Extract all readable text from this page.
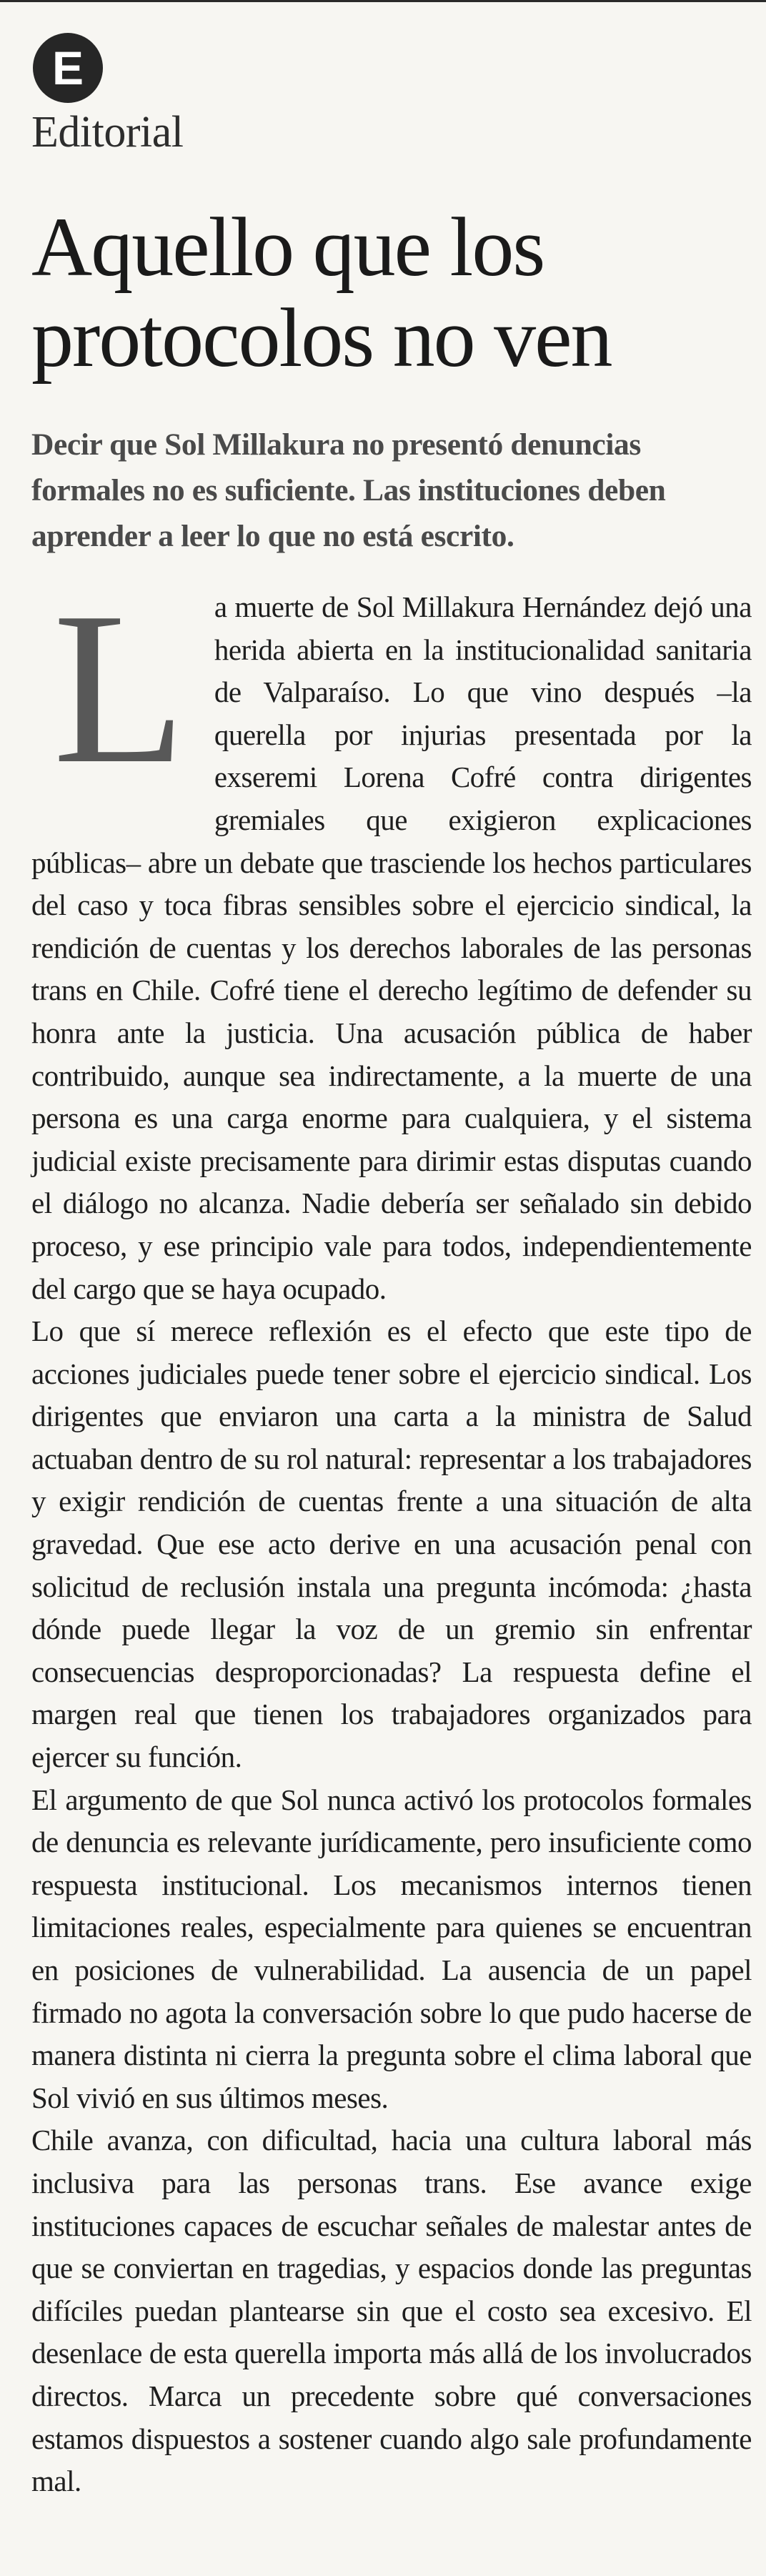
E
Editorial
Aquello que los protocolos no ven

Decir que Sol Millakura no presentó denuncias formales no es suficiente. Las instituciones deben aprender a leer lo que no está escrito.

La muerte de Sol Millakura Hernández dejó una herida abierta en la institucionalidad sanitaria de Valparaíso. Lo que vino después –la querella por injurias presentada por la exseremi Lorena Cofré contra dirigentes gremiales que exigieron explicaciones públicas– abre un debate que trasciende los hechos particulares del caso y toca fibras sensibles sobre el ejercicio sindical, la rendición de cuentas y los derechos laborales de las personas trans en Chile. Cofré tiene el derecho legítimo de defender su honra ante la justicia. Una acusación pública de haber contribuido, aunque sea indirectamente, a la muerte de una persona es una carga enorme para cualquiera, y el sistema judicial existe precisamente para dirimir estas disputas cuando el diálogo no alcanza. Nadie debería ser señalado sin debido proceso, y ese principio vale para todos, independientemente del cargo que se haya ocupado.

Lo que sí merece reflexión es el efecto que este tipo de acciones judiciales puede tener sobre el ejercicio sindical. Los dirigentes que enviaron una carta a la ministra de Salud actuaban dentro de su rol natural: representar a los trabajadores y exigir rendición de cuentas frente a una situación de alta gravedad. Que ese acto derive en una acusación penal con solicitud de reclusión instala una pregunta incómoda: ¿hasta dónde puede llegar la voz de un gremio sin enfrentar consecuencias desproporcionadas? La respuesta define el margen real que tienen los trabajadores organizados para ejercer su función.

El argumento de que Sol nunca activó los protocolos formales de denuncia es relevante jurídicamente, pero insuficiente como respuesta institucional. Los mecanismos internos tienen limitaciones reales, especialmente para quienes se encuentran en posiciones de vulnerabilidad. La ausencia de un papel firmado no agota la conversación sobre lo que pudo hacerse de manera distinta ni cierra la pregunta sobre el clima laboral que Sol vivió en sus últimos meses.

Chile avanza, con dificultad, hacia una cultura laboral más inclusiva para las personas trans. Ese avance exige instituciones capaces de escuchar señales de malestar antes de que se conviertan en tragedias, y espacios donde las preguntas difíciles puedan plantearse sin que el costo sea excesivo. El desenlace de esta querella importa más allá de los involucrados directos. Marca un precedente sobre qué conversaciones estamos dispuestos a sostener cuando algo sale profundamente mal.
